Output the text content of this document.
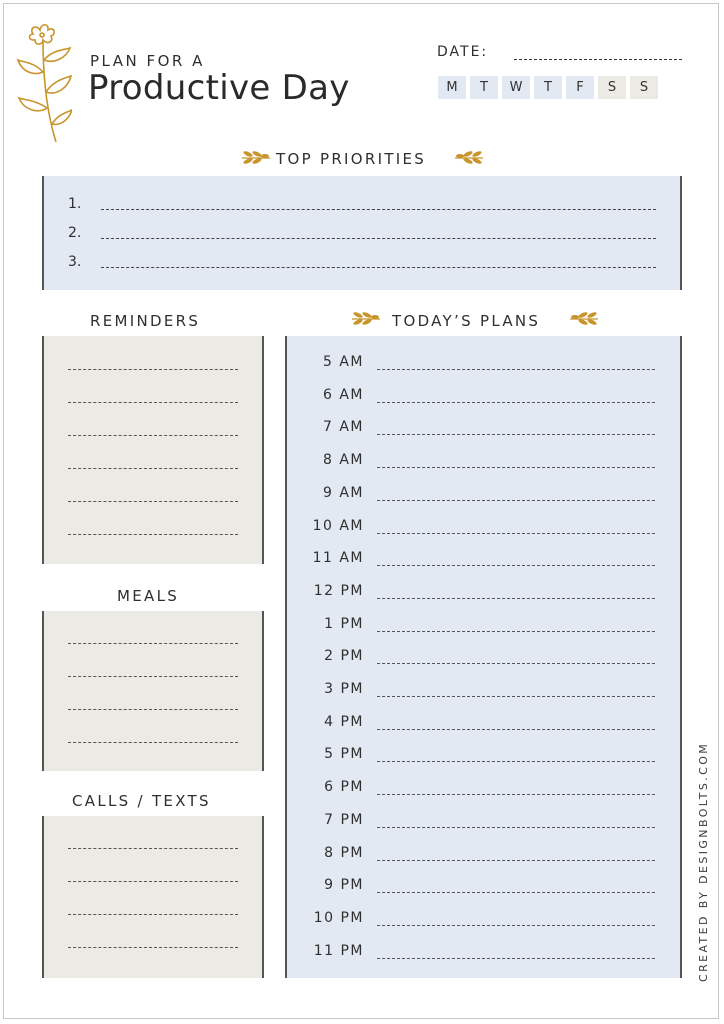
PLAN FOR A
Productive Day
DATE:
M	T	W	T	F	S	S
TOP PRIORITIES
1.
2.
3.
REMINDERS
MEALS
CALLS / TEXTS
TODAY’S PLANS
5 AM
6 AM
7 AM
8 AM
9 AM
10 AM
11 AM
12 PM
1 PM
2 PM
3 PM
4 PM
5 PM
6 PM
7 PM
8 PM
9 PM
10 PM
11 PM	CREATED BY DESIGNBOLTS.COM
